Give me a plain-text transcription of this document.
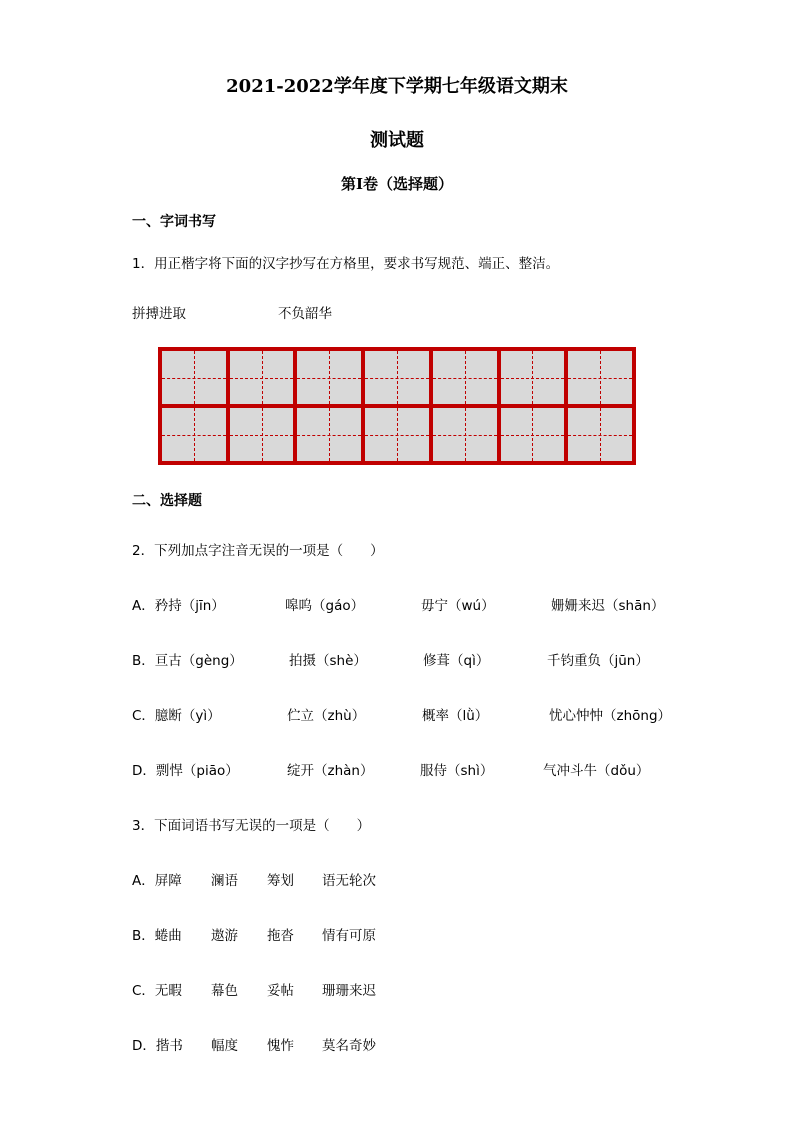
2021-2022学年度下学期七年级语文期末
测试题
第Ⅰ卷（选择题）
一、字词书写
1．用正楷字将下面的汉字抄写在方格里，要求书写规范、端正、整洁。
拼搏进取	不负韶华
二、选择题
2．下列加点字注音无误的一项是（　　）
A．矜持（jīn）	嗥呜（gáo）	毋宁（wú）	姗姗来迟（shān）
B．亘古（gèng）	拍摄（shè）	修葺（qì）	千钧重负（jūn）
C．臆断（yì）	伫立（zhù）	概率（lǜ）	忧心忡忡（zhōng）
D．剽悍（piāo）	绽开（zhàn）	服侍（shì）	气冲斗牛（dǒu）
3．下面词语书写无误的一项是（　　）
A．屏障 澜语 筹划 语无轮次
B．蜷曲 遨游 拖沓 情有可原
C．无暇 幕色 妥帖 珊珊来迟
D．揩书 幅度 愧怍 莫名奇妙
